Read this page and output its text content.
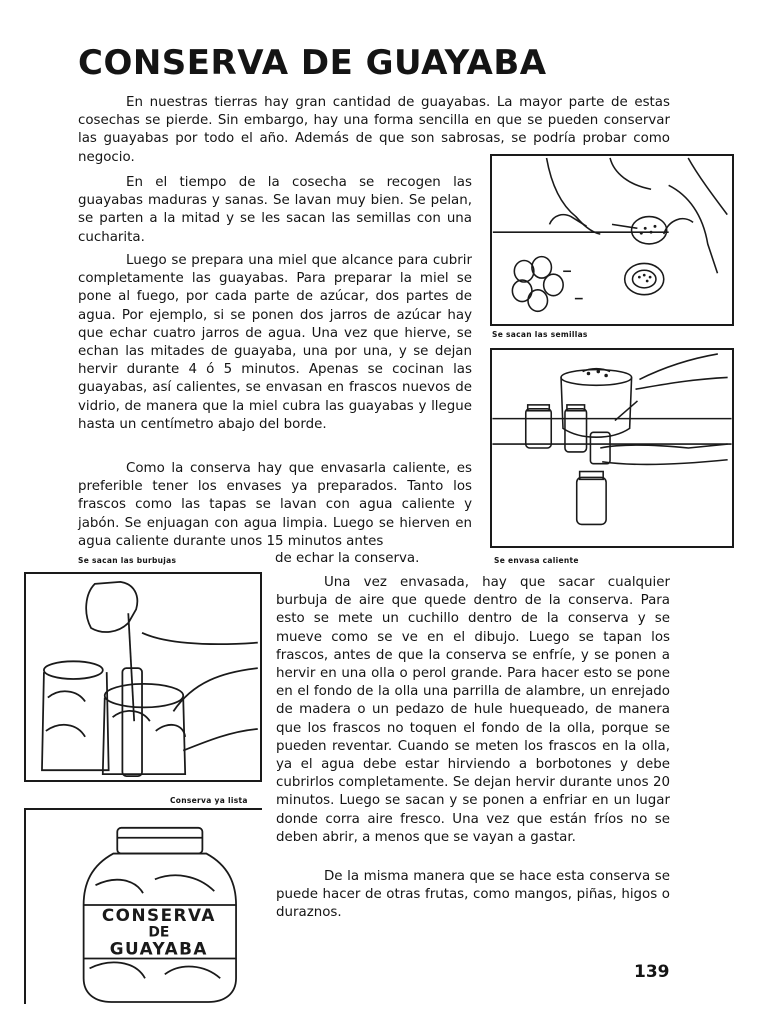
CONSERVA DE GUAYABA

En nuestras tierras hay gran cantidad de guayabas. La mayor parte de estas cosechas se pierde. Sin embargo, hay una forma sencilla en que se pueden conservar las guayabas por todo el año. Además de que son sabrosas, se podría probar como negocio.

En el tiempo de la cosecha se recogen las guayabas maduras y sanas. Se lavan muy bien. Se pelan, se parten a la mitad y se les sacan las semillas con una cucharita.

Luego se prepara una miel que alcance para cubrir completamente las guayabas. Para preparar la miel se pone al fuego, por cada parte de azúcar, dos partes de agua. Por ejemplo, si se ponen dos jarros de azúcar hay que echar cuatro jarros de agua. Una vez que hierve, se echan las mitades de guayaba, una por una, y se dejan hervir durante 4 ó 5 minutos. Apenas se cocinan las guayabas, así calientes, se envasan en frascos nuevos de vidrio, de manera que la miel cubra las guayabas y llegue hasta un centímetro abajo del borde.

Como la conserva hay que envasarla caliente, es preferible tener los envases ya preparados. Tanto los frascos como las tapas se lavan con agua caliente y jabón. Se enjuagan con agua limpia. Luego se hierven en agua caliente durante unos 15 minutos antes

de echar la conserva.

Una vez envasada, hay que sacar cualquier burbuja de aire que quede dentro de la conserva. Para esto se mete un cuchillo dentro de la conserva y se mueve como se ve en el dibujo. Luego se tapan los frascos, antes de que la conserva se enfríe, y se ponen a hervir en una olla o perol grande. Para hacer esto se pone en el fondo de la olla una parrilla de alambre, un enrejado de madera o un pedazo de hule huequeado, de manera que los frascos no toquen el fondo de la olla, porque se pueden reventar. Cuando se meten los frascos en la olla, ya el agua debe estar hirviendo a borbotones y debe cubrirlos completamente. Se dejan hervir durante unos 20 minutos. Luego se sacan y se ponen a enfriar en un lugar donde corra aire fresco. Una vez que están fríos no se deben abrir, a menos que se vayan a gastar.

De la misma manera que se hace esta conserva se puede hacer de otras frutas, como mangos, piñas, higos o duraznos.

Se sacan las semillas
Se envasa caliente
Se sacan las burbujas
Conserva ya lista
CONSERVA
DE
GUAYABA
139
